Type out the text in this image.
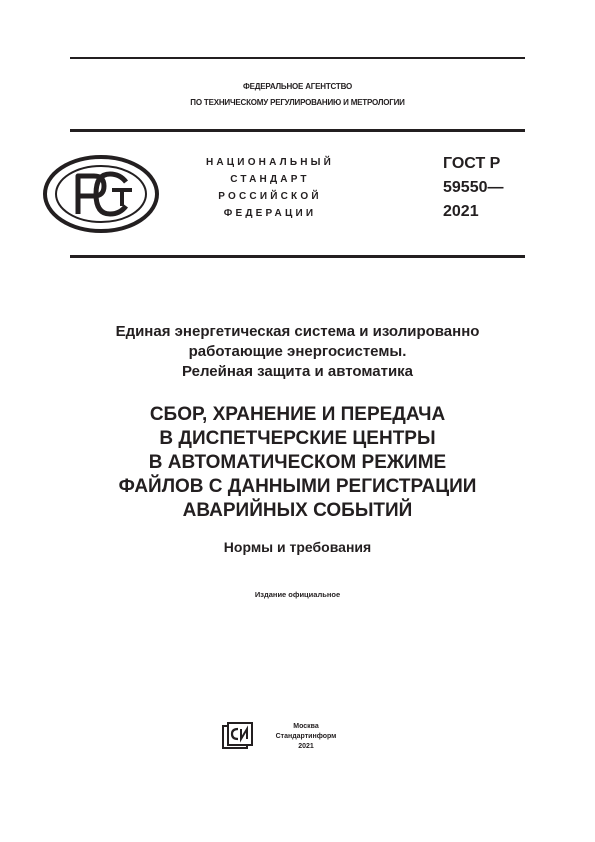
ФЕДЕРАЛЬНОЕ АГЕНТСТВО
ПО ТЕХНИЧЕСКОМУ РЕГУЛИРОВАНИЮ И МЕТРОЛОГИИ
НАЦИОНАЛЬНЫЙ
СТАНДАРТ
РОССИЙСКОЙ
ФЕДЕРАЦИИ
ГОСТ Р
59550—
2021
Единая энергетическая система и изолированно
работающие энергосистемы.
Релейная защита и автоматика
СБОР, ХРАНЕНИЕ И ПЕРЕДАЧА
В ДИСПЕТЧЕРСКИЕ ЦЕНТРЫ
В АВТОМАТИЧЕСКОМ РЕЖИМЕ
ФАЙЛОВ С ДАННЫМИ РЕГИСТРАЦИИ
АВАРИЙНЫХ СОБЫТИЙ
Нормы и требования
Издание официальное
Москва
Стандартинформ
2021
